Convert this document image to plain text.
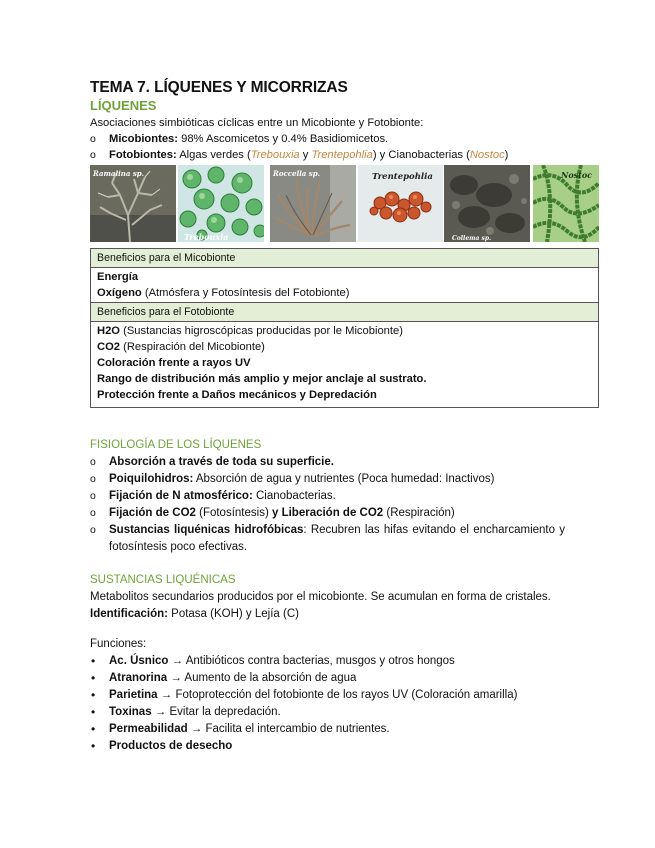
TEMA 7. LÍQUENES Y MICORRIZAS
LÍQUENES

Asociaciones simbióticas cíclicas entre un Micobionte y Fotobionte:

o Micobiontes: 98% Ascomicetos y 0.4% Basidiomicetos.
o Fotobiontes: Algas verdes (Trebouxia y Trentepohlia) y Cianobacterias (Nostoc)
Ramalina sp.
Trebouxia
Roccella sp.	Trentepohlia
Collema sp.
Nostoc
Beneficios para el Micobionte

Energía
Oxígeno (Atmósfera y Fotosíntesis del Fotobionte)

Beneficios para el Fotobionte

H2O (Sustancias higroscópicas producidas por le Micobionte)
CO2 (Respiración del Micobionte)
Coloración frente a rayos UV
Rango de distribución más amplio y mejor anclaje al sustrato.
Protección frente a Daños mecánicos y Depredación
FISIOLOGÍA DE LOS LÍQUENES
o Absorción a través de toda su superficie.
o Poiquilohidros: Absorción de agua y nutrientes (Poca humedad: Inactivos)
o Fijación de N atmosférico: Cianobacterias.
o Fijación de CO2 (Fotosíntesis) y Liberación de CO2 (Respiración)
o Sustancias liquénicas hidrofóbicas: Recubren las hifas evitando el encharcamiento y fotosíntesis poco efectivas.
SUSTANCIAS LIQUÉNICAS
Metabolitos secundarios producidos por el micobionte. Se acumulan en forma de cristales.
Identificación: Potasa (KOH) y Lejía (C)
Funciones:
• Ac. Úsnico → Antibióticos contra bacterias, musgos y otros hongos
• Atranorina → Aumento de la absorción de agua
• Parietina → Fotoprotección del fotobionte de los rayos UV (Coloración amarilla)
• Toxinas → Evitar la depredación.
• Permeabilidad → Facilita el intercambio de nutrientes.
• Productos de desecho
